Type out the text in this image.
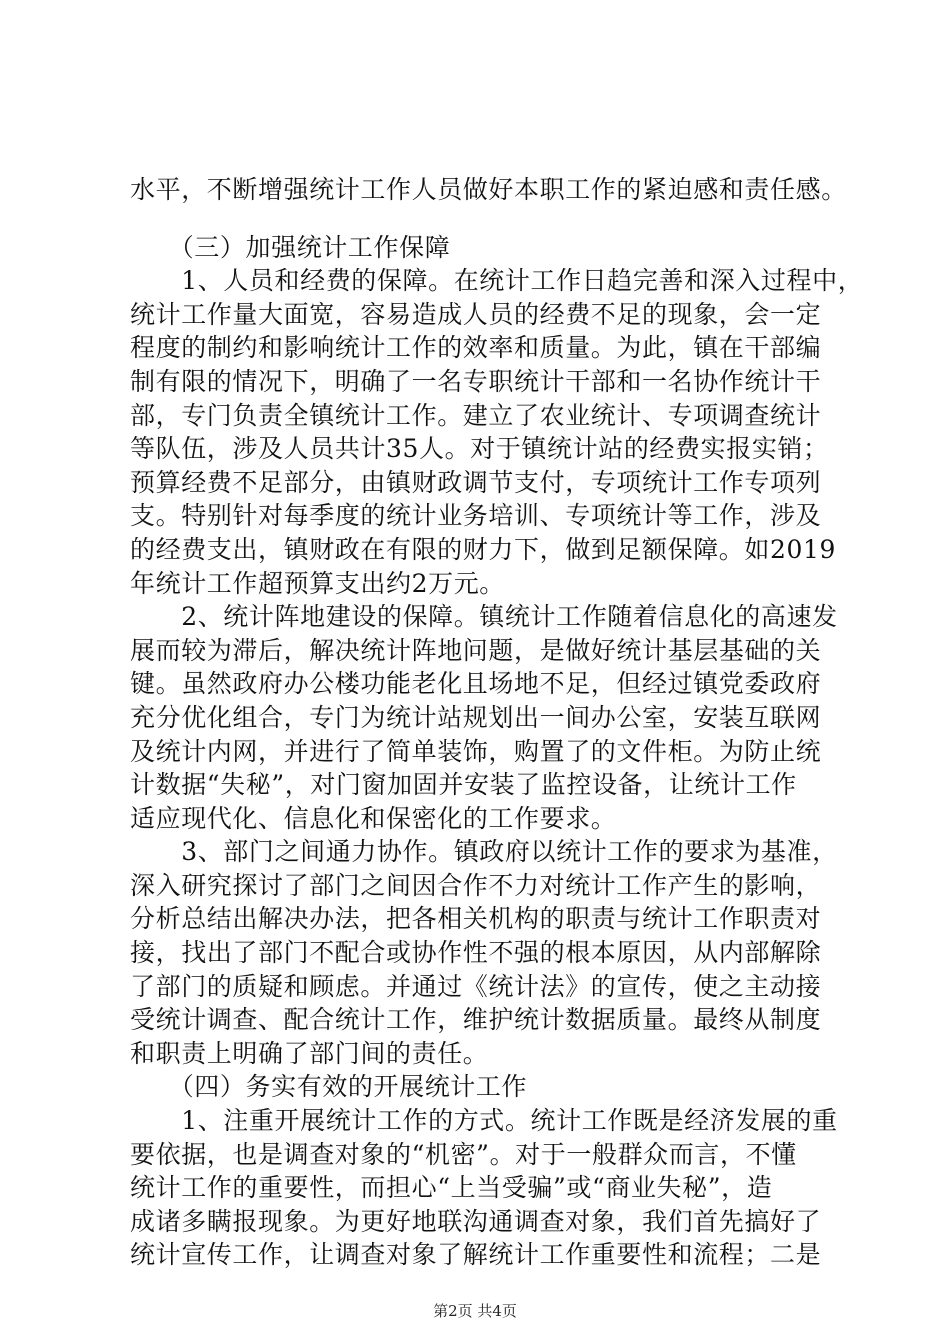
水平，不断增强统计工作人员做好本职工作的紧迫感和责任感。
　　（三）加强统计工作保障
　　1、人员和经费的保障。在统计工作日趋完善和深入过程中，
统计工作量大面宽，容易造成人员的经费不足的现象，会一定
程度的制约和影响统计工作的效率和质量。为此，镇在干部编
制有限的情况下，明确了一名专职统计干部和一名协作统计干
部，专门负责全镇统计工作。建立了农业统计、专项调查统计
等队伍，涉及人员共计35人。对于镇统计站的经费实报实销；
预算经费不足部分，由镇财政调节支付，专项统计工作专项列
支。特别针对每季度的统计业务培训、专项统计等工作，涉及
的经费支出，镇财政在有限的财力下，做到足额保障。如2019
年统计工作超预算支出约2万元。
　　2、统计阵地建设的保障。镇统计工作随着信息化的高速发
展而较为滞后，解决统计阵地问题，是做好统计基层基础的关
键。虽然政府办公楼功能老化且场地不足，但经过镇党委政府
充分优化组合，专门为统计站规划出一间办公室，安装互联网
及统计内网，并进行了简单装饰，购置了的文件柜。为防止统
计数据“失秘”，对门窗加固并安装了监控设备，让统计工作
适应现代化、信息化和保密化的工作要求。
　　3、部门之间通力协作。镇政府以统计工作的要求为基准，
深入研究探讨了部门之间因合作不力对统计工作产生的影响，
分析总结出解决办法，把各相关机构的职责与统计工作职责对
接，找出了部门不配合或协作性不强的根本原因，从内部解除
了部门的质疑和顾虑。并通过《统计法》的宣传，使之主动接
受统计调查、配合统计工作，维护统计数据质量。最终从制度
和职责上明确了部门间的责任。
　　（四）务实有效的开展统计工作
　　1、注重开展统计工作的方式。统计工作既是经济发展的重
要依据，也是调查对象的“机密”。对于一般群众而言，不懂
统计工作的重要性，而担心“上当受骗”或“商业失秘”，造
成诸多瞒报现象。为更好地联沟通调查对象，我们首先搞好了
统计宣传工作，让调查对象了解统计工作重要性和流程；二是
第2页 共4页
